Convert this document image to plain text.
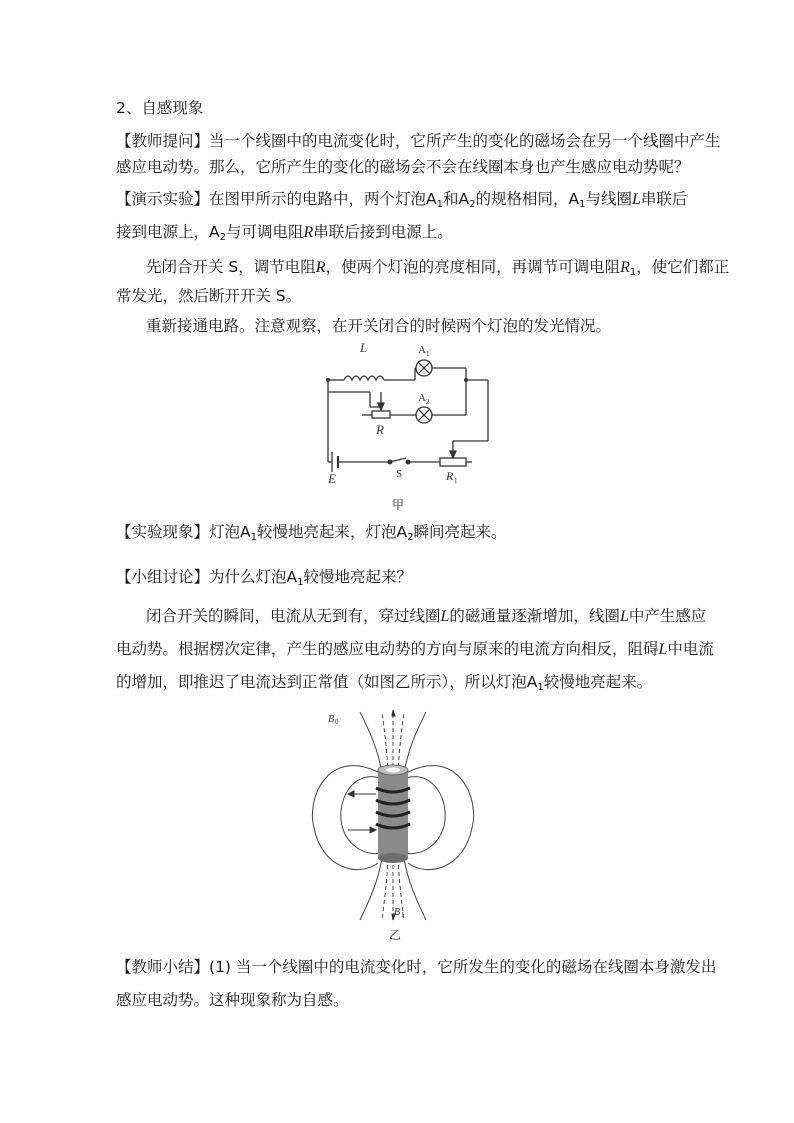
2、自感现象
【教师提问】当一个线圈中的电流变化时，它所产生的变化的磁场会在另一个线圈中产生
感应电动势。那么，它所产生的变化的磁场会不会在线圈本身也产生感应电动势呢？
【演示实验】在图甲所示的电路中，两个灯泡$A_1$和$A_2$的规格相同，$A_1$与线圈L串联后
接到电源上，$A_2$与可调电阻R串联后接到电源上。
先闭合开关 S，调节电阻R，使两个灯泡的亮度相同，再调节可调电阻$R_1$，使它们都正
常发光，然后断开开关 S。
重新接通电路。注意观察，在开关闭合的时候两个灯泡的发光情况。
L	A 1
A 2
R
S
E	R 1
甲
【实验现象】灯泡$A_1$较慢地亮起来，灯泡$A_2$瞬间亮起来。
【小组讨论】为什么灯泡$A_1$较慢地亮起来？
闭合开关的瞬间，电流从无到有，穿过线圈L的磁通量逐渐增加，线圈L中产生感应
电动势。根据楞次定律，产生的感应电动势的方向与原来的电流方向相反，阻碍L中电流
的增加，即推迟了电流达到正常值（如图乙所示），所以灯泡$A_1$较慢地亮起来。
B 0
B 1
乙
【教师小结】(1) 当一个线圈中的电流变化时，它所发生的变化的磁场在线圈本身激发出
感应电动势。这种现象称为自感。
